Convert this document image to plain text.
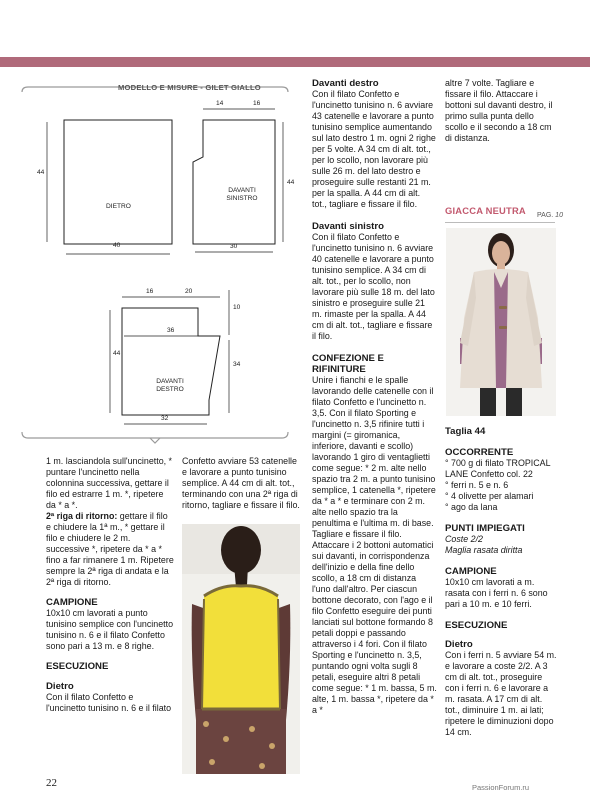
MODELLO E MISURE - GILET GIALLO
DIETRO
DAVANTI SINISTRO
DAVANTI DESTRO
44
40
14	16
44
30
16	20
10
36
44
34
32

1 m. lasciandola sull'uncinetto, * puntare l'uncinetto nella colonnina successiva, gettare il filo ed estrarre 1 m. *, ripetere da * a *.

2ª riga di ritorno: gettare il filo e chiudere la 1ª m., * gettare il filo e chiudere le 2 m. successive *, ripetere da * a * fino a far rimanere 1 m. Ripetere sempre la 2ª riga di andata e la 2ª riga di ritorno.

CAMPIONE

10x10 cm lavorati a punto tunisino semplice con l'uncinetto tunisino n. 6 e il filato Confetto sono pari a 13 m. e 8 righe.

ESECUZIONE

Dietro

Con il filato Confetto e l'uncinetto tunisino n. 6 e il filato

Confetto avviare 53 catenelle e lavorare a punto tunisino semplice. A 44 cm di alt. tot., terminando con una 2ª riga di ritorno, tagliare e fissare il filo.

Davanti destro

Con il filato Confetto e l'uncinetto tunisino n. 6 avviare 43 catenelle e lavorare a punto tunisino semplice aumentando sul lato destro 1 m. ogni 2 righe per 5 volte. A 34 cm di alt. tot., per lo scollo, non lavorare più sulle 26 m. del lato destro e proseguire sulle restanti 21 m. per la spalla. A 44 cm di alt. tot., tagliare e fissare il filo.

Davanti sinistro

Con il filato Confetto e l'uncinetto tunisino n. 6 avviare 40 catenelle e lavorare a punto tunisino semplice. A 34 cm di alt. tot., per lo scollo, non lavorare più sulle 18 m. del lato sinistro e proseguire sulle 21 m. rimaste per la spalla. A 44 cm di alt. tot., tagliare e fissare il filo.

CONFEZIONE E RIFINITURE

Unire i fianchi e le spalle lavorando delle catenelle con il filato Confetto e l'uncinetto n. 3,5. Con il filato Sporting e l'uncinetto n. 3,5 rifinire tutti i margini (= giromanica, inferiore, davanti e scollo) lavorando 1 giro di ventaglietti come segue: * 2 m. alte nello spazio tra 2 m. a punto tunisino semplice, 1 catenella *, ripetere da * a * e terminare con 2 m. alte nello spazio tra la penultima e l'ultima m. di base. Tagliare e fissare il filo. Attaccare i 2 bottoni automatici sui davanti, in corrispondenza dell'inizio e della fine dello scollo, a 18 cm di distanza l'uno dall'altro. Per ciascun bottone decorato, con l'ago e il filo Confetto eseguire dei punti lanciati sul bottone formando 8 petali doppi e passando attraverso i 4 fori. Con il filato Sporting e l'uncinetto n. 3,5, puntando ogni volta sugli 8 petali, eseguire altri 8 petali come segue: * 1 m. bassa, 5 m. alte, 1 m. bassa *, ripetere da * a *

altre 7 volte. Tagliare e fissare il filo. Attaccare i bottoni sul davanti destro, il primo sulla punta dello scollo e il secondo a 18 cm di distanza.

GIACCA NEUTRA PAG. 10

Taglia 44

OCCORRENTE

° 700 g di filato TROPICAL LANE Confetto col. 22

° ferri n. 5 e n. 6

° 4 olivette per alamari

° ago da lana

PUNTI IMPIEGATI

Coste 2/2

Maglia rasata diritta

CAMPIONE

10x10 cm lavorati a m. rasata con i ferri n. 6 sono pari a 10 m. e 10 ferri.

ESECUZIONE

Dietro

Con i ferri n. 5 avviare 54 m. e lavorare a coste 2/2. A 3 cm di alt. tot., proseguire con i ferri n. 6 e lavorare a m. rasata. A 17 cm di alt. tot., diminuire 1 m. ai lati; ripetere le diminuzioni dopo 14 cm.

22	PassionForum.ru
